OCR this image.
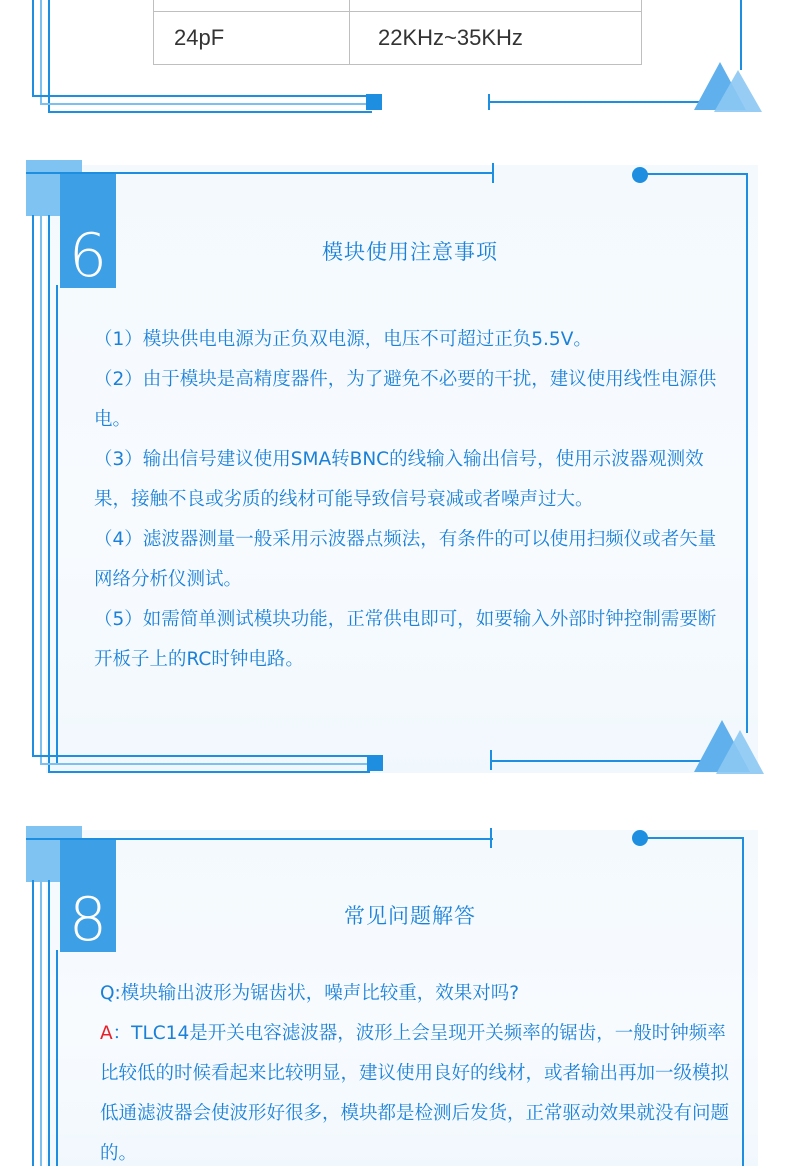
24pF	22KHz~35KHz
6	模块使用注意事项

（1）模块供电电源为正负双电源，电压不可超过正负5.5V。

（2）由于模块是高精度器件，为了避免不必要的干扰，建议使用线性电源供电。

（3）输出信号建议使用SMA转BNC的线输入输出信号，使用示波器观测效果，接触不良或劣质的线材可能导致信号衰减或者噪声过大。

（4）滤波器测量一般采用示波器点频法，有条件的可以使用扫频仪或者矢量网络分析仪测试。

（5）如需简单测试模块功能，正常供电即可，如要输入外部时钟控制需要断开板子上的RC时钟电路。

8	常见问题解答

Q:模块输出波形为锯齿状，噪声比较重，效果对吗?

A：TLC14是开关电容滤波器，波形上会呈现开关频率的锯齿，一般时钟频率比较低的时候看起来比较明显，建议使用良好的线材，或者输出再加一级模拟低通滤波器会使波形好很多，模块都是检测后发货，正常驱动效果就没有问题的。
